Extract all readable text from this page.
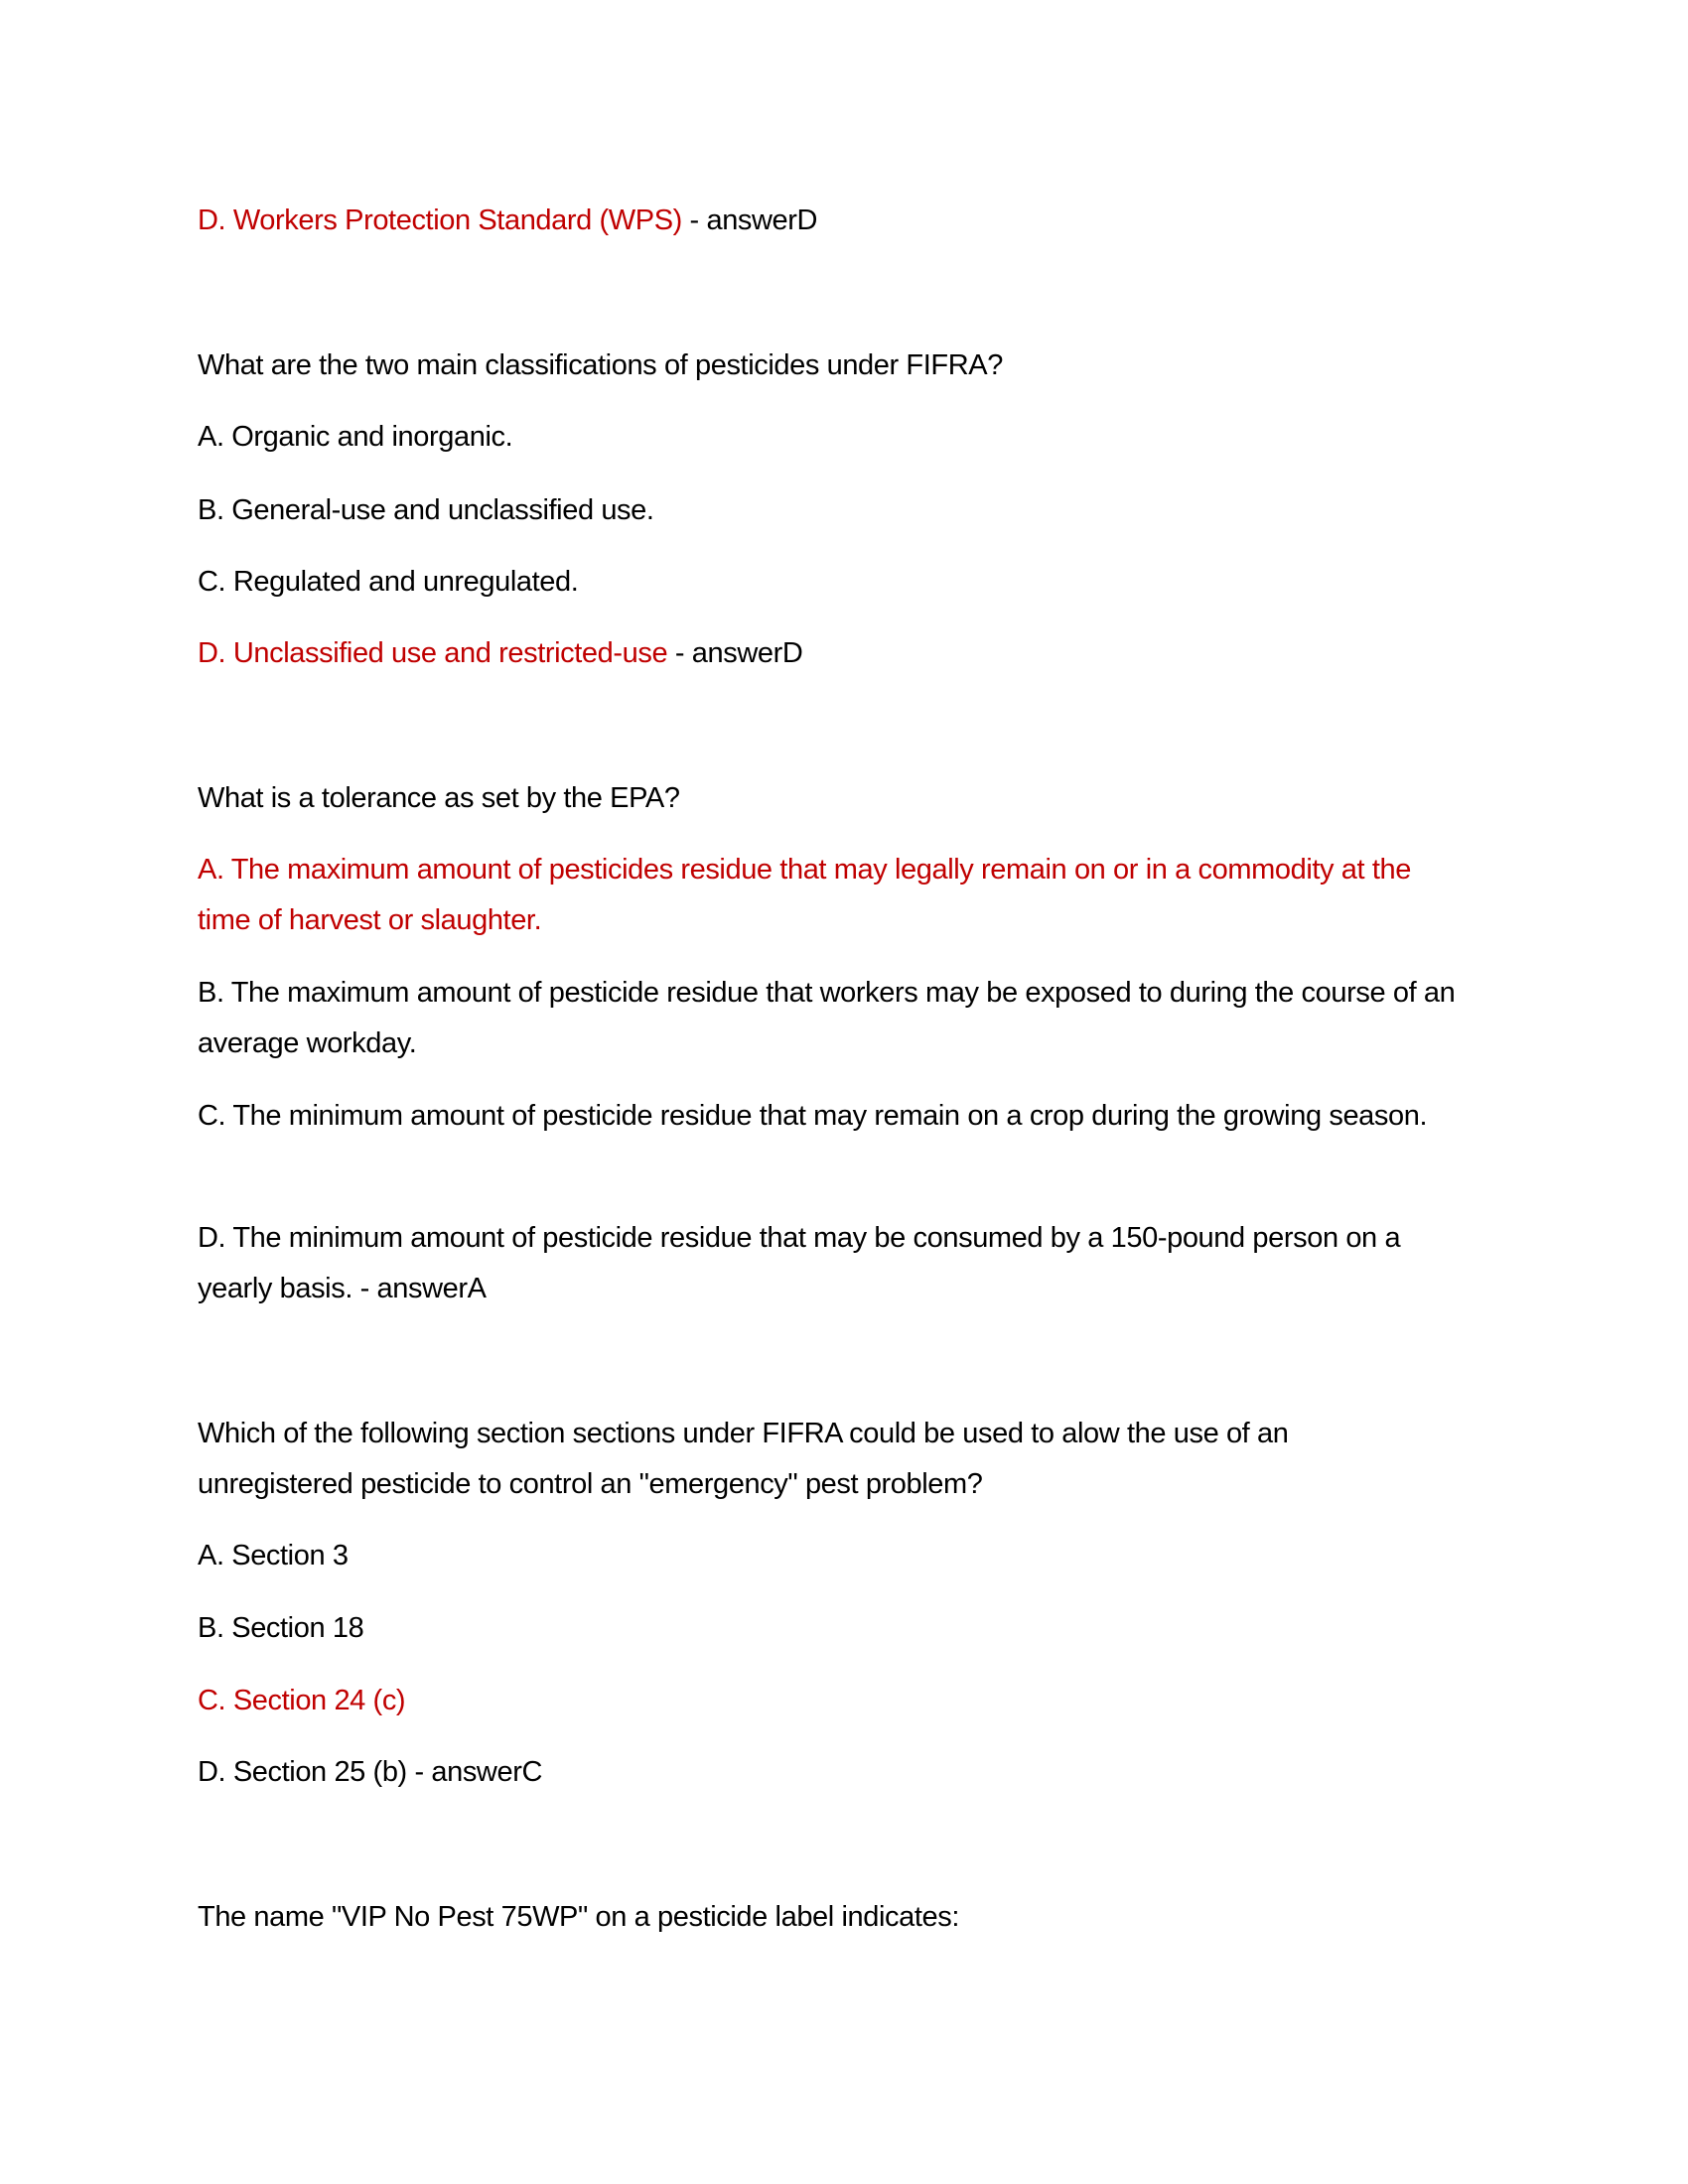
D. Workers Protection Standard (WPS) - answerD

What are the two main classifications of pesticides under FIFRA?

A. Organic and inorganic.

B. General-use and unclassified use.

C. Regulated and unregulated.

D. Unclassified use and restricted-use - answerD

What is a tolerance as set by the EPA?

A. The maximum amount of pesticides residue that may legally remain on or in a commodity at the time of harvest or slaughter.

B. The maximum amount of pesticide residue that workers may be exposed to during the course of an average workday.

C. The minimum amount of pesticide residue that may remain on a crop during the growing season.

D. The minimum amount of pesticide residue that may be consumed by a 150-pound person on a yearly basis. - answerA

Which of the following section sections under FIFRA could be used to alow the use of an unregistered pesticide to control an "emergency" pest problem?

A. Section 3

B. Section 18

C. Section 24 (c)

D. Section 25 (b) - answerC

The name "VIP No Pest 75WP" on a pesticide label indicates:
